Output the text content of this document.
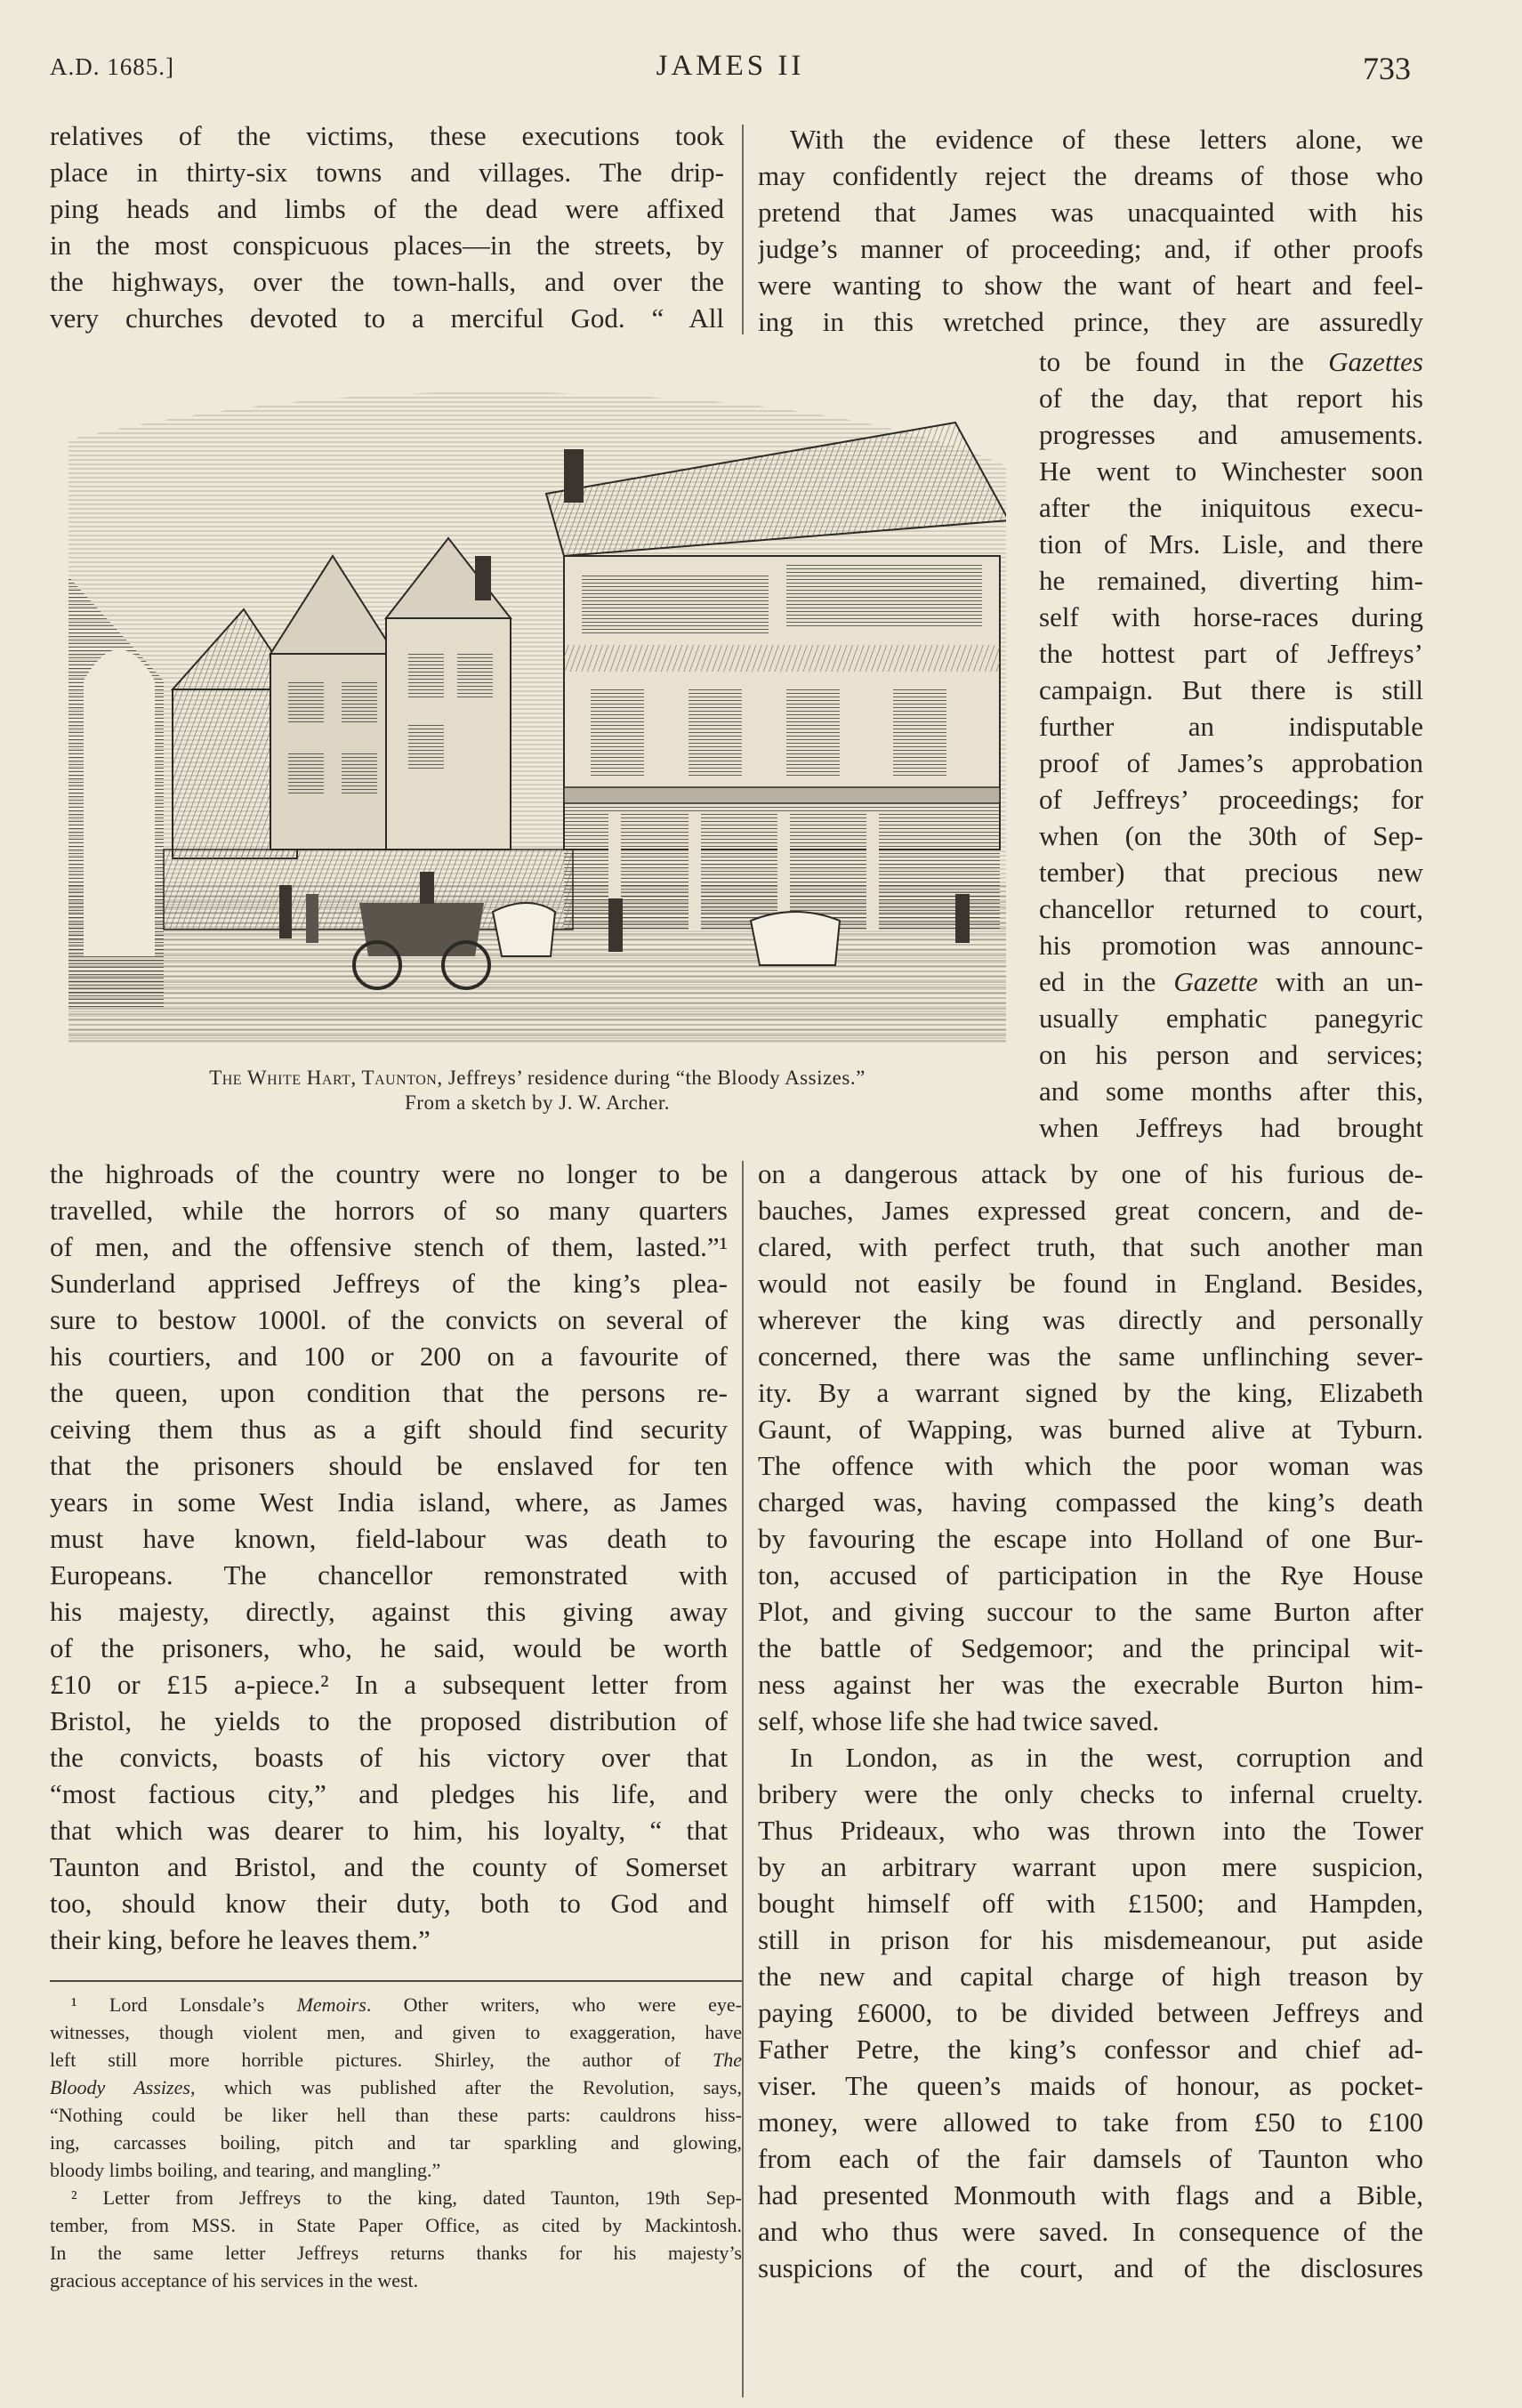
A.D. 1685.]	JAMES II	733
relatives of the victims, these executions took
place in thirty-six towns and villages. The drip-
ping heads and limbs of the dead were affixed
in the most conspicuous places—in the streets, by
the highways, over the town-halls, and over the
very churches devoted to a merciful God. “ All
With the evidence of these letters alone, we
may confidently reject the dreams of those who
pretend that James was unacquainted with his
judge’s manner of proceeding; and, if other proofs
were wanting to show the want of heart and feel-
ing in this wretched prince, they are assuredly
The White Hart, Taunton, Jeffreys’ residence during “the Bloody Assizes.”
From a sketch by J. W. Archer.
to be found in the Gazettes
of the day, that report his
progresses and amusements.
He went to Winchester soon
after the iniquitous execu-
tion of Mrs. Lisle, and there
he remained, diverting him-
self with horse-races during
the hottest part of Jeffreys’
campaign. But there is still
further an indisputable
proof of James’s approbation
of Jeffreys’ proceedings; for
when (on the 30th of Sep-
tember) that precious new
chancellor returned to court,
his promotion was announc-
ed in the Gazette with an un-
usually emphatic panegyric
on his person and services;
and some months after this,
when Jeffreys had brought
the highroads of the country were no longer to be
travelled, while the horrors of so many quarters
of men, and the offensive stench of them, lasted.”¹
Sunderland apprised Jeffreys of the king’s plea-
sure to bestow 1000l. of the convicts on several of
his courtiers, and 100 or 200 on a favourite of
the queen, upon condition that the persons re-
ceiving them thus as a gift should find security
that the prisoners should be enslaved for ten
years in some West India island, where, as James
must have known, field-labour was death to
Europeans. The chancellor remonstrated with
his majesty, directly, against this giving away
of the prisoners, who, he said, would be worth
£10 or £15 a-piece.² In a subsequent letter from
Bristol, he yields to the proposed distribution of
the convicts, boasts of his victory over that
“most factious city,” and pledges his life, and
that which was dearer to him, his loyalty, “ that
Taunton and Bristol, and the county of Somerset
too, should know their duty, both to God and
their king, before he leaves them.”
on a dangerous attack by one of his furious de-
bauches, James expressed great concern, and de-
clared, with perfect truth, that such another man
would not easily be found in England. Besides,
wherever the king was directly and personally
concerned, there was the same unflinching sever-
ity. By a warrant signed by the king, Elizabeth
Gaunt, of Wapping, was burned alive at Tyburn.
The offence with which the poor woman was
charged was, having compassed the king’s death
by favouring the escape into Holland of one Bur-
ton, accused of participation in the Rye House
Plot, and giving succour to the same Burton after
the battle of Sedgemoor; and the principal wit-
ness against her was the execrable Burton him-
self, whose life she had twice saved.
In London, as in the west, corruption and
bribery were the only checks to infernal cruelty.
Thus Prideaux, who was thrown into the Tower
by an arbitrary warrant upon mere suspicion,
bought himself off with £1500; and Hampden,
still in prison for his misdemeanour, put aside
the new and capital charge of high treason by
paying £6000, to be divided between Jeffreys and
Father Petre, the king’s confessor and chief ad-
viser. The queen’s maids of honour, as pocket-
money, were allowed to take from £50 to £100
from each of the fair damsels of Taunton who
had presented Monmouth with flags and a Bible,
and who thus were saved. In consequence of the
suspicions of the court, and of the disclosures
¹ Lord Lonsdale’s Memoirs. Other writers, who were eye-
witnesses, though violent men, and given to exaggeration, have
left still more horrible pictures. Shirley, the author of The
Bloody Assizes, which was published after the Revolution, says,
“Nothing could be liker hell than these parts: cauldrons hiss-
ing, carcasses boiling, pitch and tar sparkling and glowing,
bloody limbs boiling, and tearing, and mangling.”
² Letter from Jeffreys to the king, dated Taunton, 19th Sep-
tember, from MSS. in State Paper Office, as cited by Mackintosh.
In the same letter Jeffreys returns thanks for his majesty’s
gracious acceptance of his services in the west.
